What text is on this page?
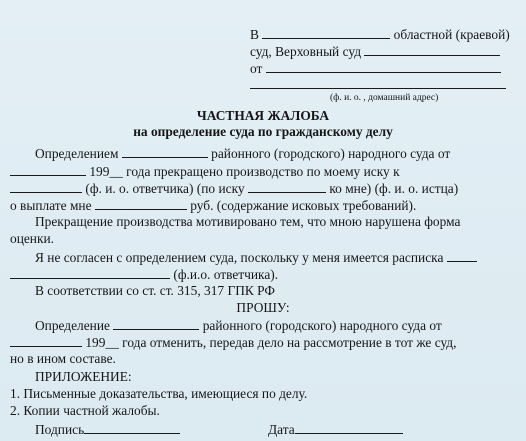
В	областной (краевой)
суд, Верховный суд
от
(ф. и. о. , домашний адрес)
ЧАСТНАЯ ЖАЛОБА
на определение суда по гражданскому делу
Определением	районного (городского) народного суда от
199__ года прекращено производство по моему иску к
(ф. и. о. ответчика) (по иску	ко мне) (ф. и. о. истца)
о выплате мне	руб. (содержание исковых требований).
Прекращение производства мотивировано тем, что мною нарушена форма
оценки.
Я не согласен с определением суда, поскольку у меня имеется расписка
(ф.и.о. ответчика).
В соответствии со ст. ст. 315, 317 ГПК РФ
ПРОШУ:
Определение	районного (городского) народного суда от
199__ года отменить, передав дело на рассмотрение в тот же суд,
но в ином составе.
ПРИЛОЖЕНИЕ:
1. Письменные доказательства, имеющиеся по делу.
2. Копии частной жалобы.
Подпись	Дата
